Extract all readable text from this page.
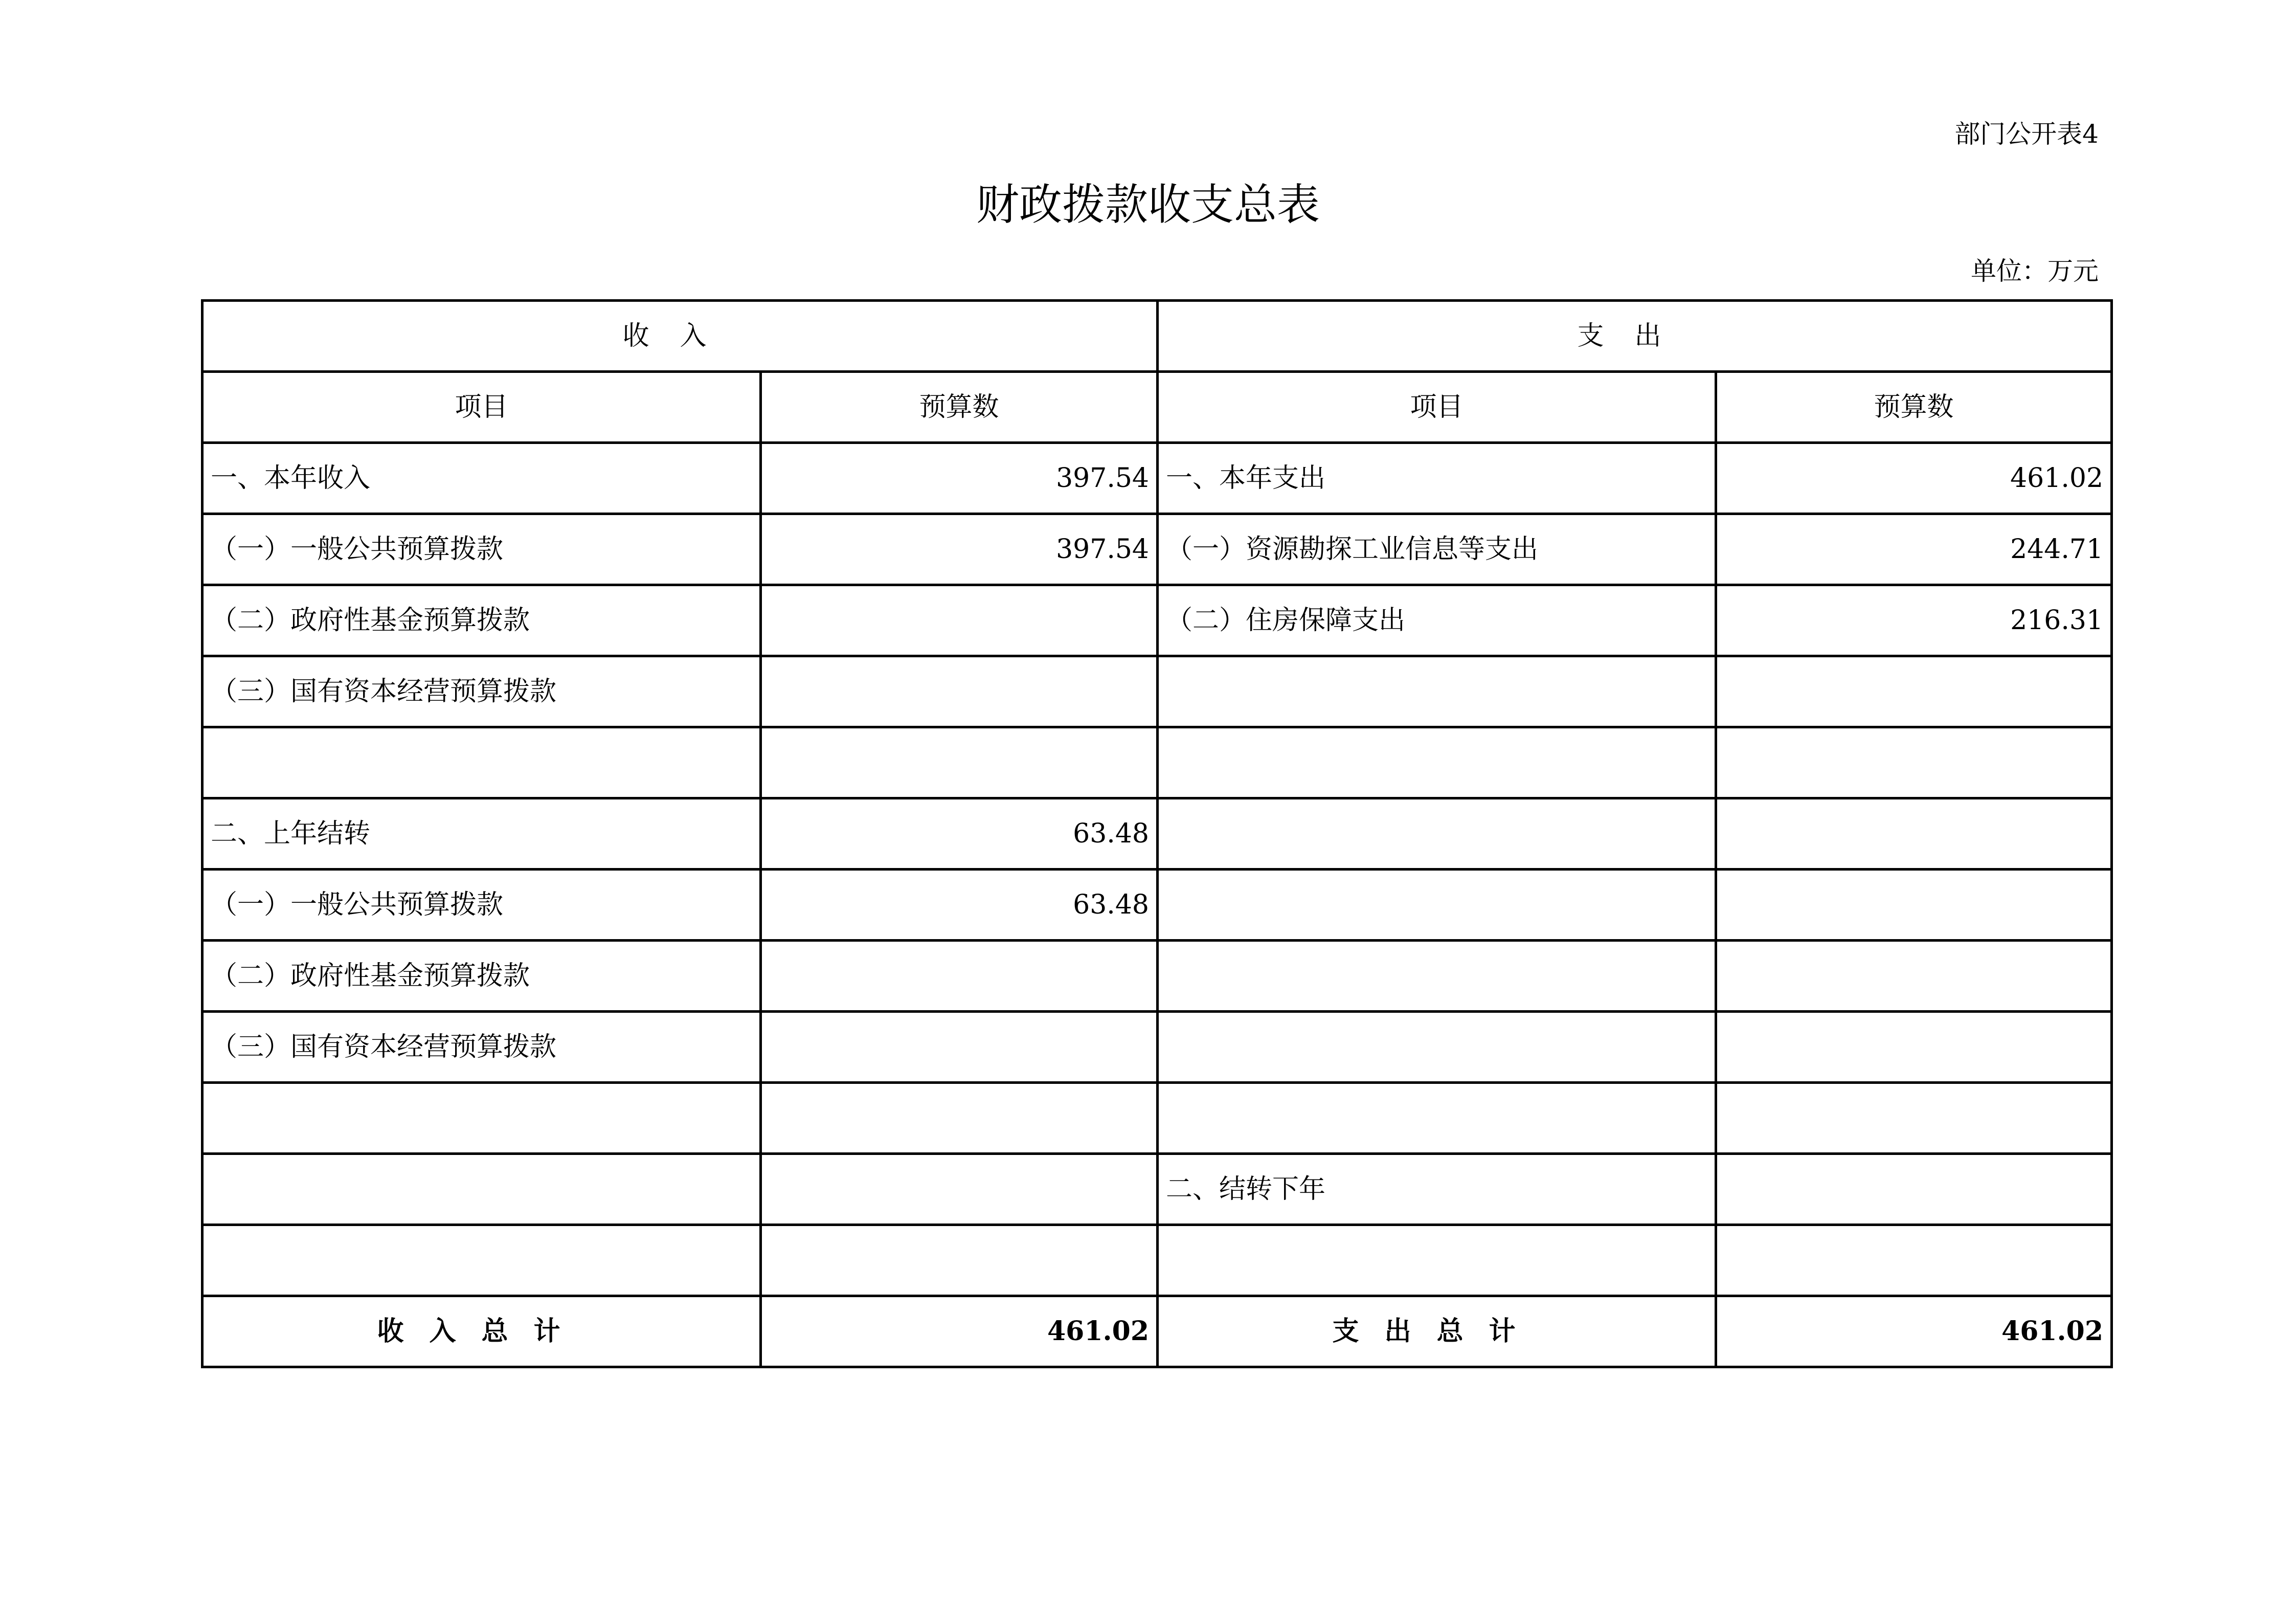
部门公开表4
财政拨款收支总表
单位：万元
收入		支出	
项目	预算数	项目	预算数
一、本年收入	397.54	一、本年支出	461.02
（一）一般公共预算拨款	397.54	（一）资源勘探工业信息等支出	244.71
（二）政府性基金预算拨款		（二）住房保障支出	216.31
（三）国有资本经营预算拨款			

二、上年结转	63.48		
（一）一般公共预算拨款	63.48		
（二）政府性基金预算拨款			
（三）国有资本经营预算拨款			

		二、结转下年	

收入总计	461.02	支出总计	461.02
